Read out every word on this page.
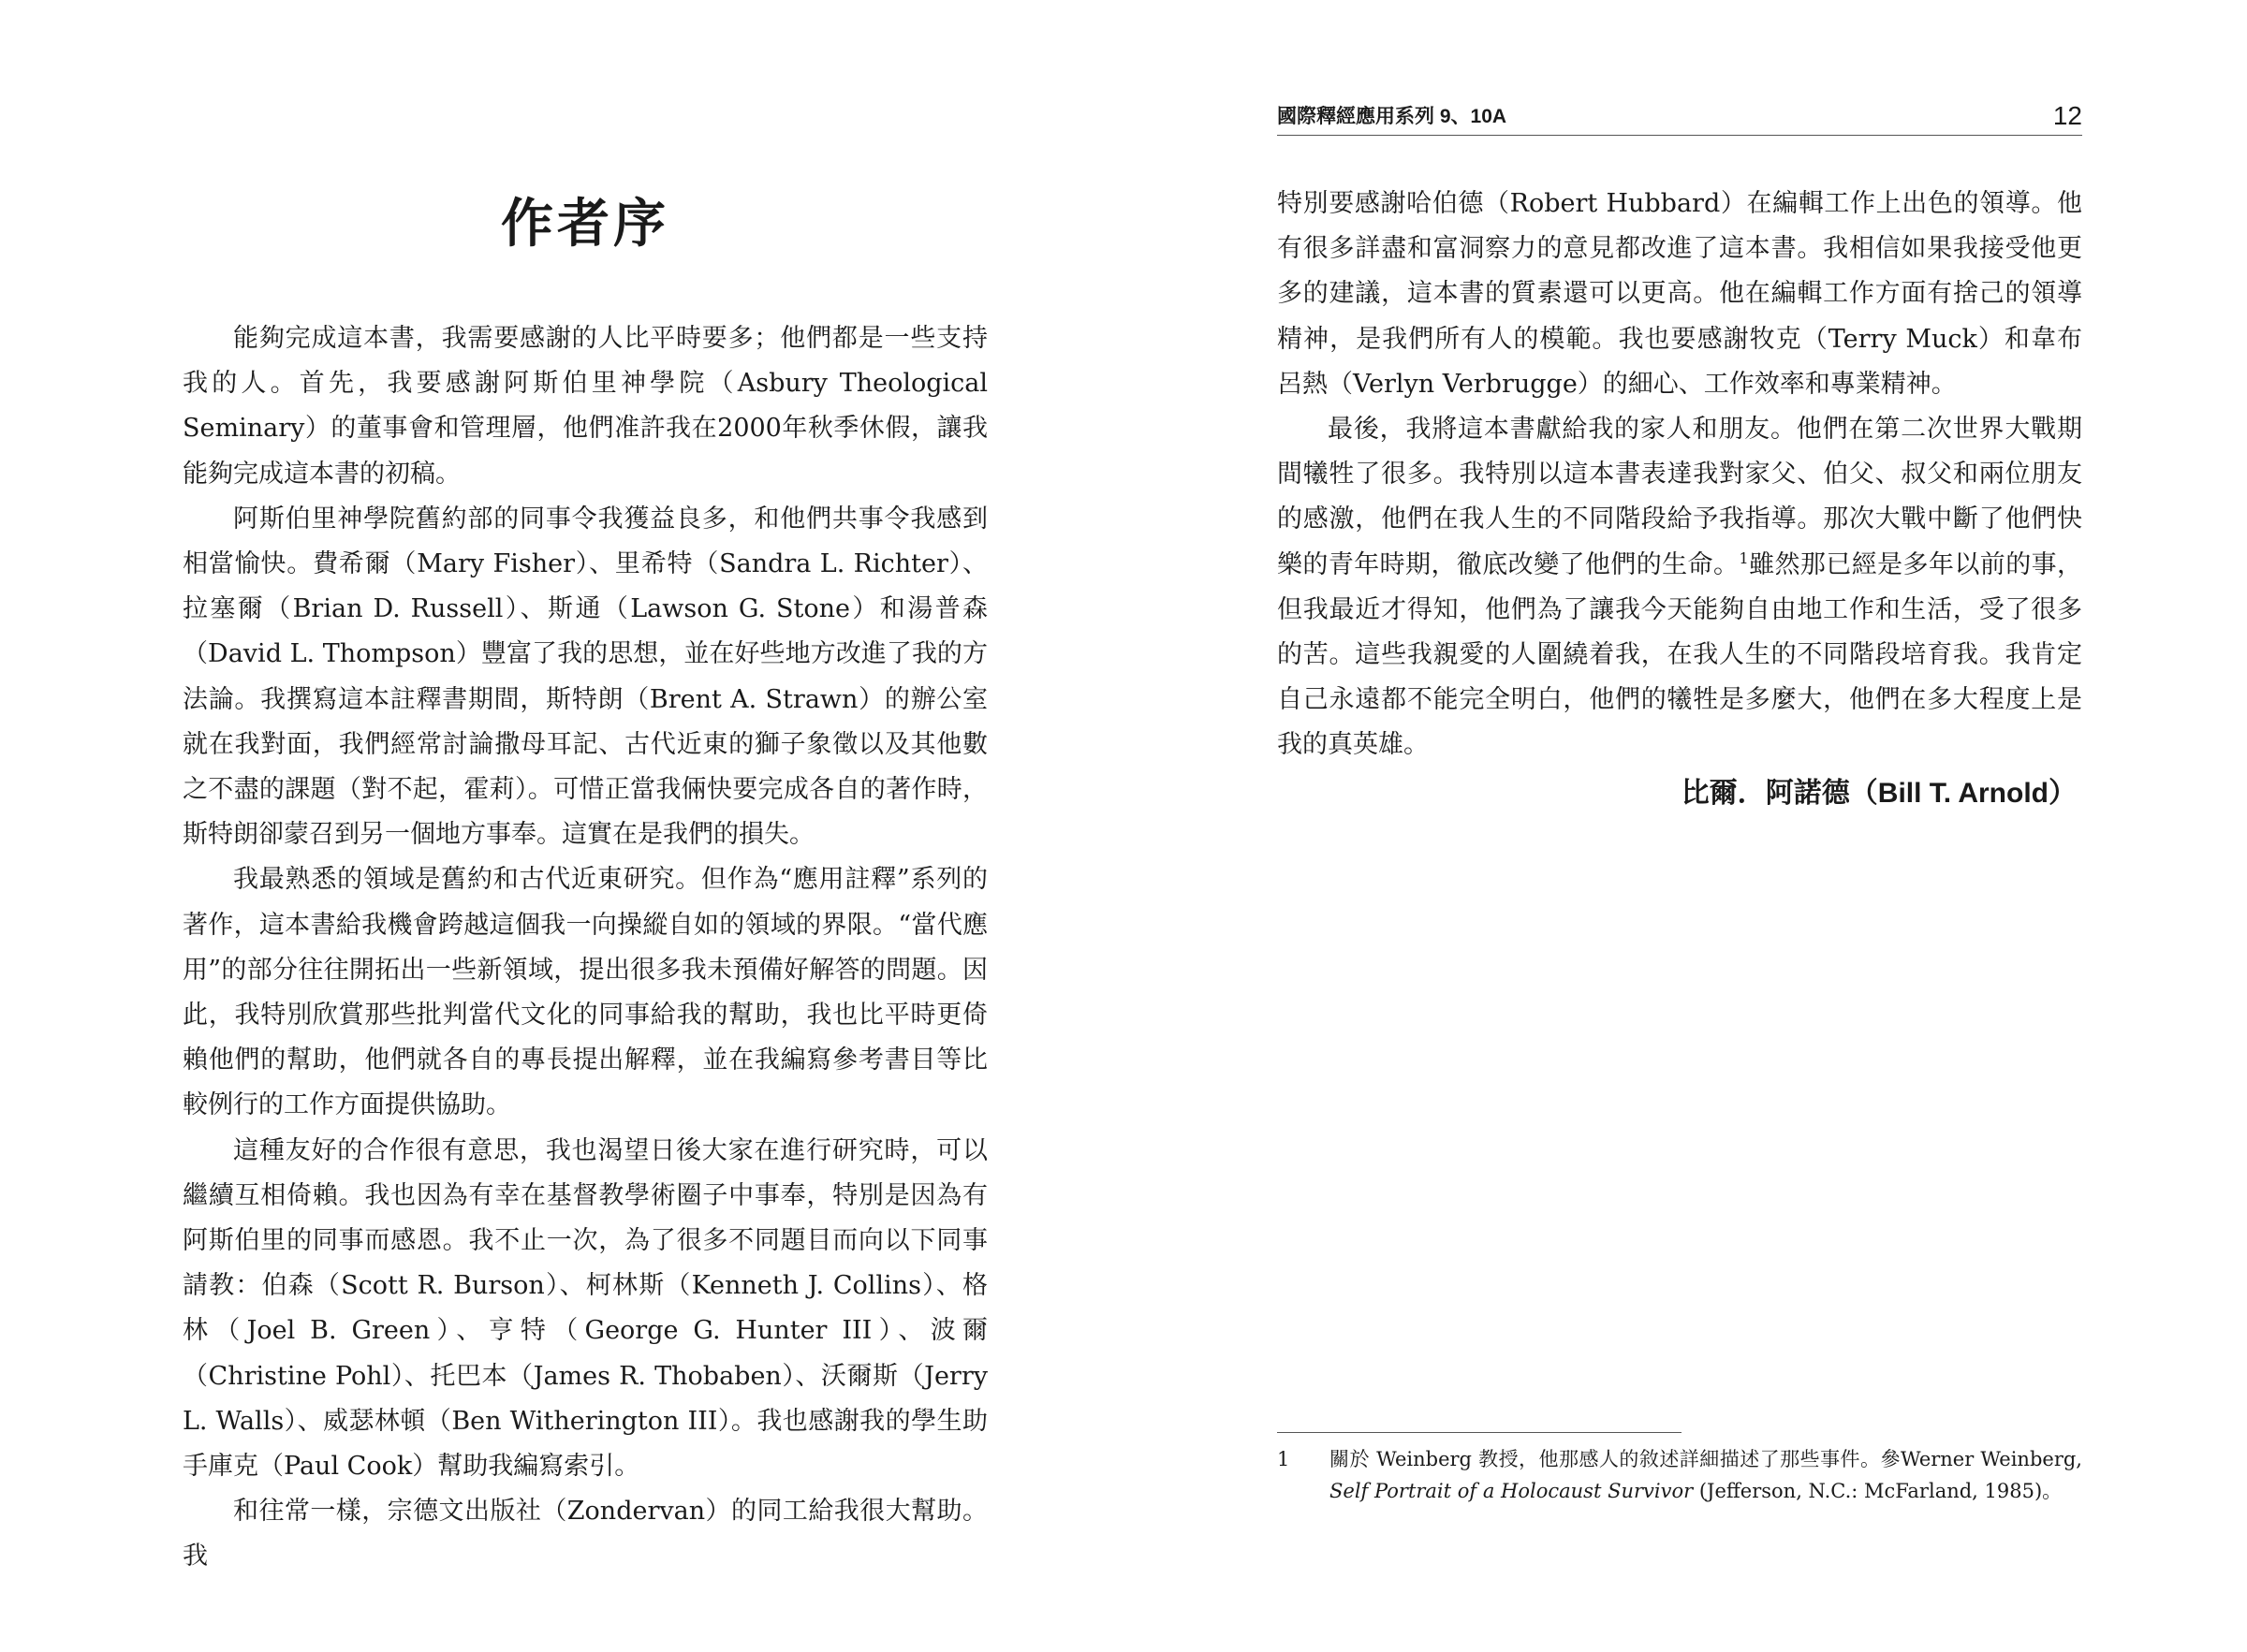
作者序

能夠完成這本書，我需要感謝的人比平時要多；他們都是一些支持我的人。首先，我要感謝阿斯伯里神學院（Asbury Theological Seminary）的董事會和管理層，他們准許我在2000年秋季休假，讓我能夠完成這本書的初稿。

阿斯伯里神學院舊約部的同事令我獲益良多，和他們共事令我感到相當愉快。費希爾（Mary Fisher）、里希特（Sandra L. Richter）、拉塞爾（Brian D. Russell）、斯通（Lawson G. Stone）和湯普森（David L. Thompson）豐富了我的思想，並在好些地方改進了我的方法論。我撰寫這本註釋書期間，斯特朗（Brent A. Strawn）的辦公室就在我對面，我們經常討論撒母耳記、古代近東的獅子象徵以及其他數之不盡的課題（對不起，霍莉）。可惜正當我倆快要完成各自的著作時，斯特朗卻蒙召到另一個地方事奉。這實在是我們的損失。

我最熟悉的領域是舊約和古代近東研究。但作為“應用註釋”系列的著作，這本書給我機會跨越這個我一向操縱自如的領域的界限。“當代應用”的部分往往開拓出一些新領域，提出很多我未預備好解答的問題。因此，我特別欣賞那些批判當代文化的同事給我的幫助，我也比平時更倚賴他們的幫助，他們就各自的專長提出解釋，並在我編寫參考書目等比較例行的工作方面提供協助。

這種友好的合作很有意思，我也渴望日後大家在進行研究時，可以繼續互相倚賴。我也因為有幸在基督教學術圈子中事奉，特別是因為有阿斯伯里的同事而感恩。我不止一次，為了很多不同題目而向以下同事請教：伯森（Scott R. Burson）、柯林斯（Kenneth J. Collins）、格林（Joel B. Green）、亨特（George G. Hunter III）、波爾（Christine Pohl）、托巴本（James R. Thobaben）、沃爾斯（Jerry L. Walls）、威瑟林頓（Ben Witherington III）。我也感謝我的學生助手庫克（Paul Cook）幫助我編寫索引。

和往常一樣，宗德文出版社（Zondervan）的同工給我很大幫助。我

國際釋經應用系列 9、10A	12

特別要感謝哈伯德（Robert Hubbard）在編輯工作上出色的領導。他有很多詳盡和富洞察力的意見都改進了這本書。我相信如果我接受他更多的建議，這本書的質素還可以更高。他在編輯工作方面有捨己的領導精神，是我們所有人的模範。我也要感謝牧克（Terry Muck）和韋布呂熱（Verlyn Verbrugge）的細心、工作效率和專業精神。

最後，我將這本書獻給我的家人和朋友。他們在第二次世界大戰期間犧牲了很多。我特別以這本書表達我對家父、伯父、叔父和兩位朋友的感激，他們在我人生的不同階段給予我指導。那次大戰中斷了他們快樂的青年時期，徹底改變了他們的生命。$^1$雖然那已經是多年以前的事，但我最近才得知，他們為了讓我今天能夠自由地工作和生活，受了很多的苦。這些我親愛的人圍繞着我，在我人生的不同階段培育我。我肯定自己永遠都不能完全明白，他們的犧牲是多麼大，他們在多大程度上是我的真英雄。

比爾．阿諾德（Bill T. Arnold）
1 關於 Weinberg 教授，他那感人的敘述詳細描述了那些事件。參Werner Weinberg, Self Portrait of a Holocaust Survivor (Jefferson, N.C.: McFarland, 1985)。
